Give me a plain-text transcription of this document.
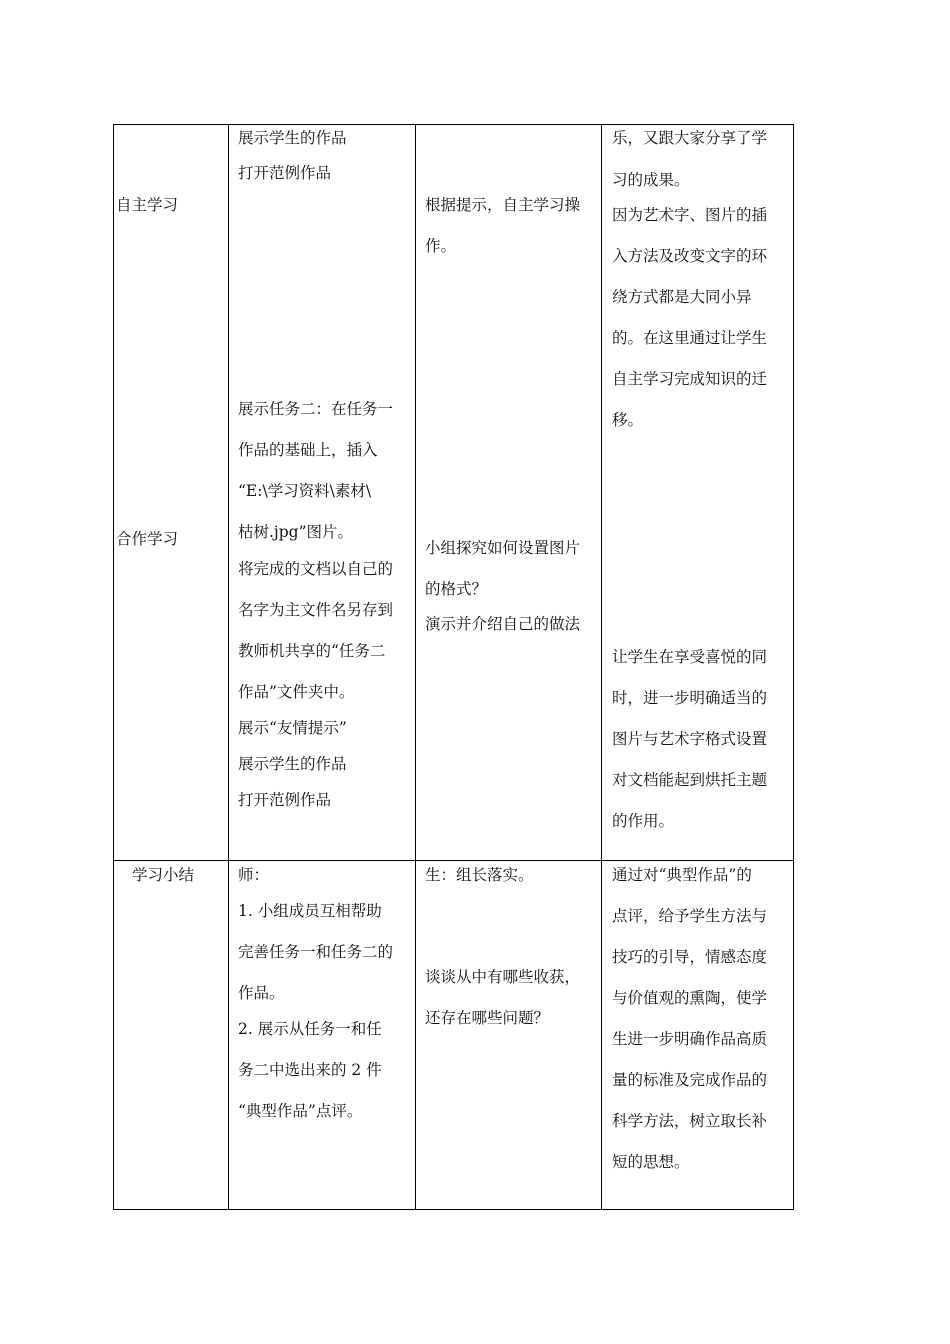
自主学习
展示学生的作品
打开范例作品
根据提示，自主学习操
作。
乐，又跟大家分享了学
习的成果。
因为艺术字、图片的插
入方法及改变文字的环
绕方式都是大同小异
的。在这里通过让学生
自主学习完成知识的迁
移。
合作学习
展示任务二：在任务一
作品的基础上，插入
“E:\学习资料\素材\
枯树.jpg”图片。
将完成的文档以自己的
名字为主文件名另存到
教师机共享的“任务二
作品”文件夹中。
展示“友情提示”
展示学生的作品
打开范例作品
小组探究如何设置图片
的格式？
演示并介绍自己的做法
让学生在享受喜悦的同
时，进一步明确适当的
图片与艺术字格式设置
对文档能起到烘托主题
的作用。
学习小结	师：
1. 小组成员互相帮助
完善任务一和任务二的
作品。
2. 展示从任务一和任
务二中选出来的 2 件
“典型作品”点评。
生：组长落实。
谈谈从中有哪些收获，
还存在哪些问题？
通过对“典型作品”的
点评，给予学生方法与
技巧的引导，情感态度
与价值观的熏陶，使学
生进一步明确作品高质
量的标准及完成作品的
科学方法，树立取长补
短的思想。
